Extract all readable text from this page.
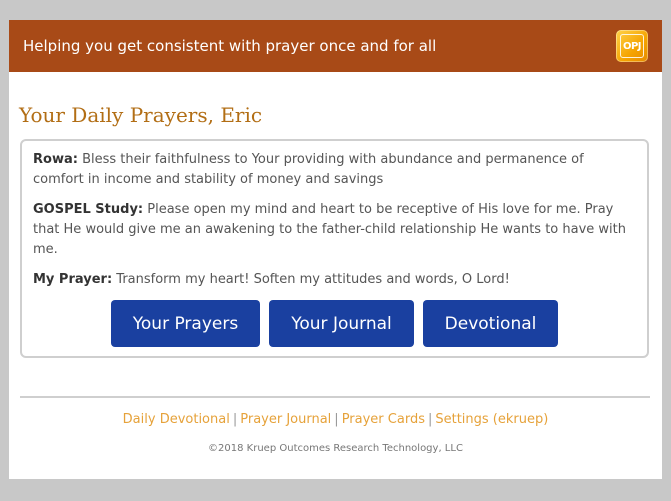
Helping you get consistent with prayer once and for all	OPJ
Your Daily Prayers, Eric

Rowa: Bless their faithfulness to Your providing with abundance and permanence of comfort in income and stability of money and savings

GOSPEL Study: Please open my mind and heart to be receptive of His love for me. Pray that He would give me an awakening to the father-child relationship He wants to have with me.

My Prayer: Transform my heart! Soften my attitudes and words, O Lord!

Your Prayers	Your Journal	Devotional
Daily Devotional | Prayer Journal | Prayer Cards | Settings (ekruep)
©2018 Kruep Outcomes Research Technology, LLC
